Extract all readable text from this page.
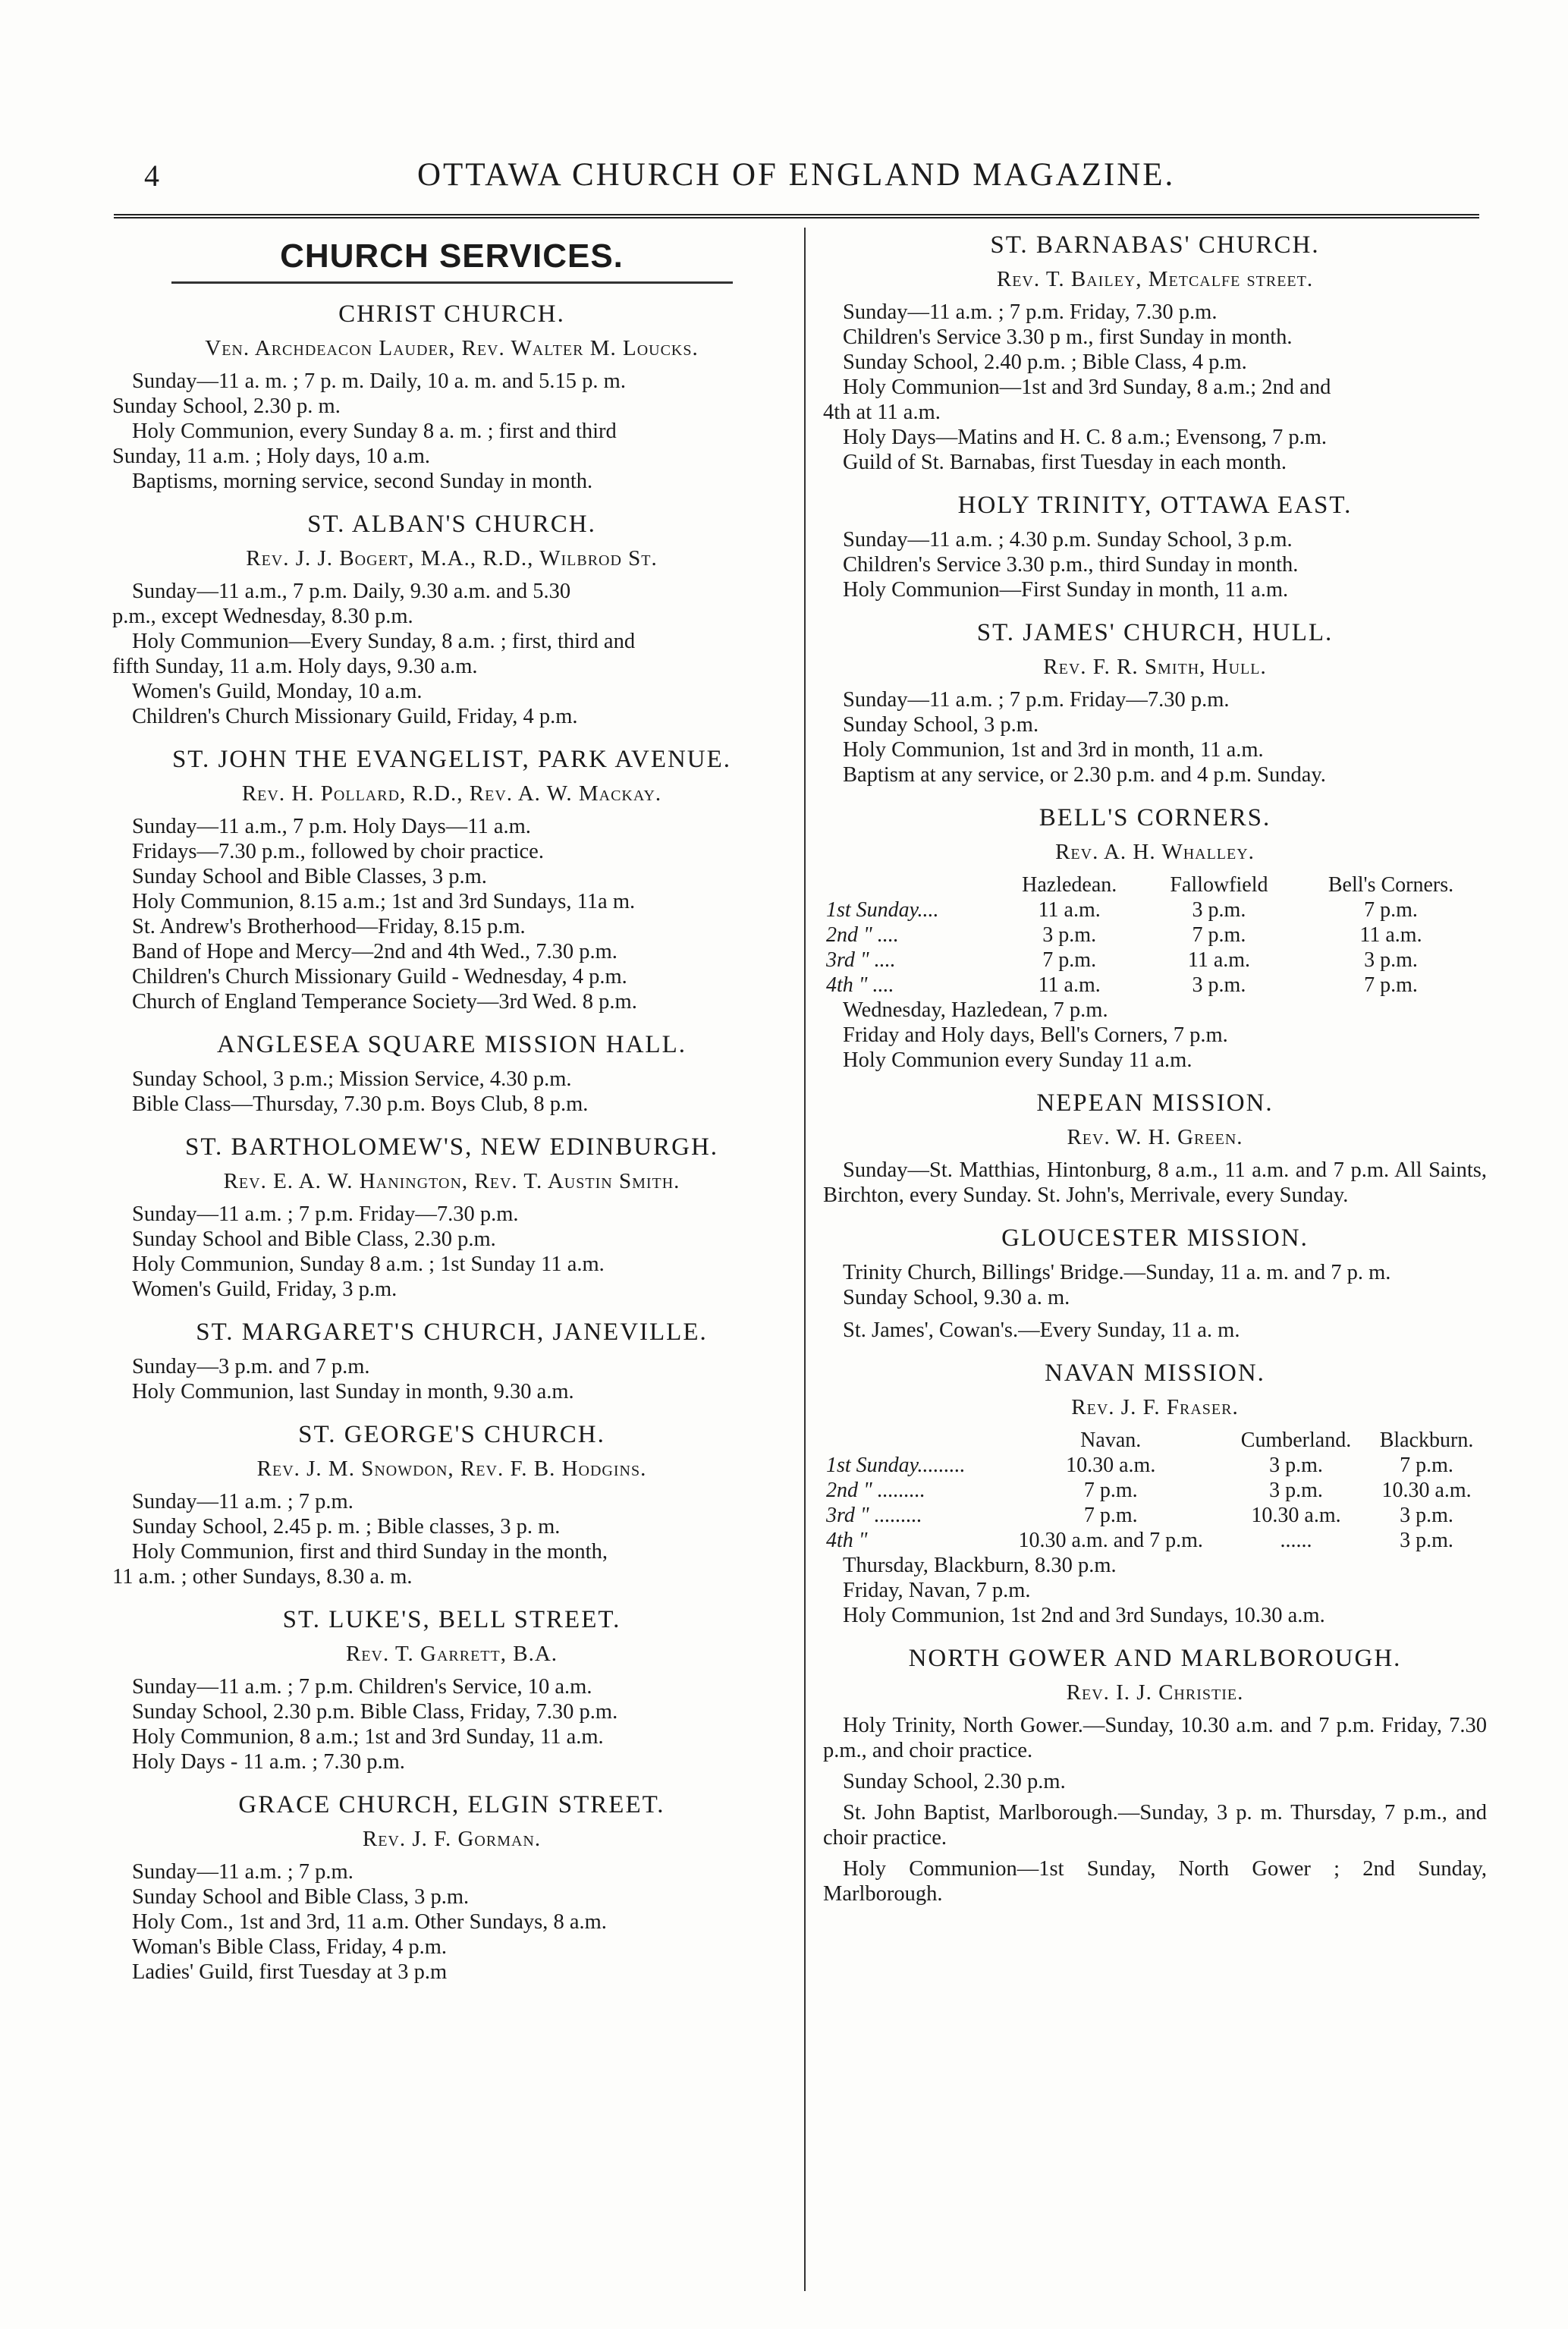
4	OTTAWA CHURCH OF ENGLAND MAGAZINE.
CHURCH SERVICES.
CHRIST CHURCH.
Ven. Archdeacon Lauder, Rev. Walter M. Loucks.
Sunday—11 a. m. ; 7 p. m. Daily, 10 a. m. and 5.15 p. m.
Sunday School, 2.30 p. m.
Holy Communion, every Sunday 8 a. m. ; first and third
Sunday, 11 a.m. ; Holy days, 10 a.m.
Baptisms, morning service, second Sunday in month.
ST. ALBAN'S CHURCH.
Rev. J. J. Bogert, M.A., R.D., Wilbrod St.
Sunday—11 a.m., 7 p.m. Daily, 9.30 a.m. and 5.30
p.m., except Wednesday, 8.30 p.m.
Holy Communion—Every Sunday, 8 a.m. ; first, third and
fifth Sunday, 11 a.m. Holy days, 9.30 a.m.
Women's Guild, Monday, 10 a.m.
Children's Church Missionary Guild, Friday, 4 p.m.
ST. JOHN THE EVANGELIST, PARK AVENUE.
Rev. H. Pollard, R.D., Rev. A. W. Mackay.
Sunday—11 a.m., 7 p.m. Holy Days—11 a.m.
Fridays—7.30 p.m., followed by choir practice.
Sunday School and Bible Classes, 3 p.m.
Holy Communion, 8.15 a.m.; 1st and 3rd Sundays, 11a m.
St. Andrew's Brotherhood—Friday, 8.15 p.m.
Band of Hope and Mercy—2nd and 4th Wed., 7.30 p.m.
Children's Church Missionary Guild - Wednesday, 4 p.m.
Church of England Temperance Society—3rd Wed. 8 p.m.
ANGLESEA SQUARE MISSION HALL.
Sunday School, 3 p.m.; Mission Service, 4.30 p.m.
Bible Class—Thursday, 7.30 p.m. Boys Club, 8 p.m.
ST. BARTHOLOMEW'S, NEW EDINBURGH.
Rev. E. A. W. Hanington, Rev. T. Austin Smith.
Sunday—11 a.m. ; 7 p.m. Friday—7.30 p.m.
Sunday School and Bible Class, 2.30 p.m.
Holy Communion, Sunday 8 a.m. ; 1st Sunday 11 a.m.
Women's Guild, Friday, 3 p.m.
ST. MARGARET'S CHURCH, JANEVILLE.
Sunday—3 p.m. and 7 p.m.
Holy Communion, last Sunday in month, 9.30 a.m.
ST. GEORGE'S CHURCH.
Rev. J. M. Snowdon, Rev. F. B. Hodgins.
Sunday—11 a.m. ; 7 p.m.
Sunday School, 2.45 p. m. ; Bible classes, 3 p. m.
Holy Communion, first and third Sunday in the month,
11 a.m. ; other Sundays, 8.30 a. m.
ST. LUKE'S, BELL STREET.
Rev. T. Garrett, B.A.
Sunday—11 a.m. ; 7 p.m. Children's Service, 10 a.m.
Sunday School, 2.30 p.m. Bible Class, Friday, 7.30 p.m.
Holy Communion, 8 a.m.; 1st and 3rd Sunday, 11 a.m.
Holy Days - 11 a.m. ; 7.30 p.m.
GRACE CHURCH, ELGIN STREET.
Rev. J. F. Gorman.
Sunday—11 a.m. ; 7 p.m.
Sunday School and Bible Class, 3 p.m.
Holy Com., 1st and 3rd, 11 a.m. Other Sundays, 8 a.m.
Woman's Bible Class, Friday, 4 p.m.
Ladies' Guild, first Tuesday at 3 p.m
ST. BARNABAS' CHURCH.
Rev. T. Bailey, Metcalfe street.
Sunday—11 a.m. ; 7 p.m. Friday, 7.30 p.m.
Children's Service 3.30 p m., first Sunday in month.
Sunday School, 2.40 p.m. ; Bible Class, 4 p.m.
Holy Communion—1st and 3rd Sunday, 8 a.m.; 2nd and
4th at 11 a.m.
Holy Days—Matins and H. C. 8 a.m.; Evensong, 7 p.m.
Guild of St. Barnabas, first Tuesday in each month.
HOLY TRINITY, OTTAWA EAST.
Sunday—11 a.m. ; 4.30 p.m. Sunday School, 3 p.m.
Children's Service 3.30 p.m., third Sunday in month.
Holy Communion—First Sunday in month, 11 a.m.
ST. JAMES' CHURCH, HULL.
Rev. F. R. Smith, Hull.
Sunday—11 a.m. ; 7 p.m. Friday—7.30 p.m.
Sunday School, 3 p.m.
Holy Communion, 1st and 3rd in month, 11 a.m.
Baptism at any service, or 2.30 p.m. and 4 p.m. Sunday.
BELL'S CORNERS.
Rev. A. H. Whalley.
	Hazledean.	Fallowfield	Bell's Corners.
1st Sunday....	11 a.m.	3 p.m.	7 p.m.
2nd " ....	3 p.m.	7 p.m.	11 a.m.
3rd " ....	7 p.m.	11 a.m.	3 p.m.
4th " ....	11 a.m.	3 p.m.	7 p.m.
Wednesday, Hazledean, 7 p.m.
Friday and Holy days, Bell's Corners, 7 p.m.
Holy Communion every Sunday 11 a.m.
NEPEAN MISSION.
Rev. W. H. Green.

Sunday—St. Matthias, Hintonburg, 8 a.m., 11 a.m. and 7 p.m. All Saints, Birchton, every Sunday. St. John's, Merrivale, every Sunday.

GLOUCESTER MISSION.

Trinity Church, Billings' Bridge.—Sunday, 11 a. m. and 7 p. m.

Sunday School, 9.30 a. m.
St. James', Cowan's.—Every Sunday, 11 a. m.
NAVAN MISSION.
Rev. J. F. Fraser.
	Navan.	Cumberland.	Blackburn.
1st Sunday.........	10.30 a.m.	3 p.m.	7 p.m.
2nd " .........	7 p.m.	3 p.m.	10.30 a.m.
3rd " .........	7 p.m.	10.30 a.m.	3 p.m.
4th "	10.30 a.m. and 7 p.m.	......	3 p.m.
Thursday, Blackburn, 8.30 p.m.
Friday, Navan, 7 p.m.
Holy Communion, 1st 2nd and 3rd Sundays, 10.30 a.m.
NORTH GOWER AND MARLBOROUGH.
Rev. I. J. Christie.

Holy Trinity, North Gower.—Sunday, 10.30 a.m. and 7 p.m. Friday, 7.30 p.m., and choir practice.

Sunday School, 2.30 p.m.

St. John Baptist, Marlborough.—Sunday, 3 p. m. Thursday, 7 p.m., and choir practice.

Holy Communion—1st Sunday, North Gower ; 2nd Sunday, Marlborough.
